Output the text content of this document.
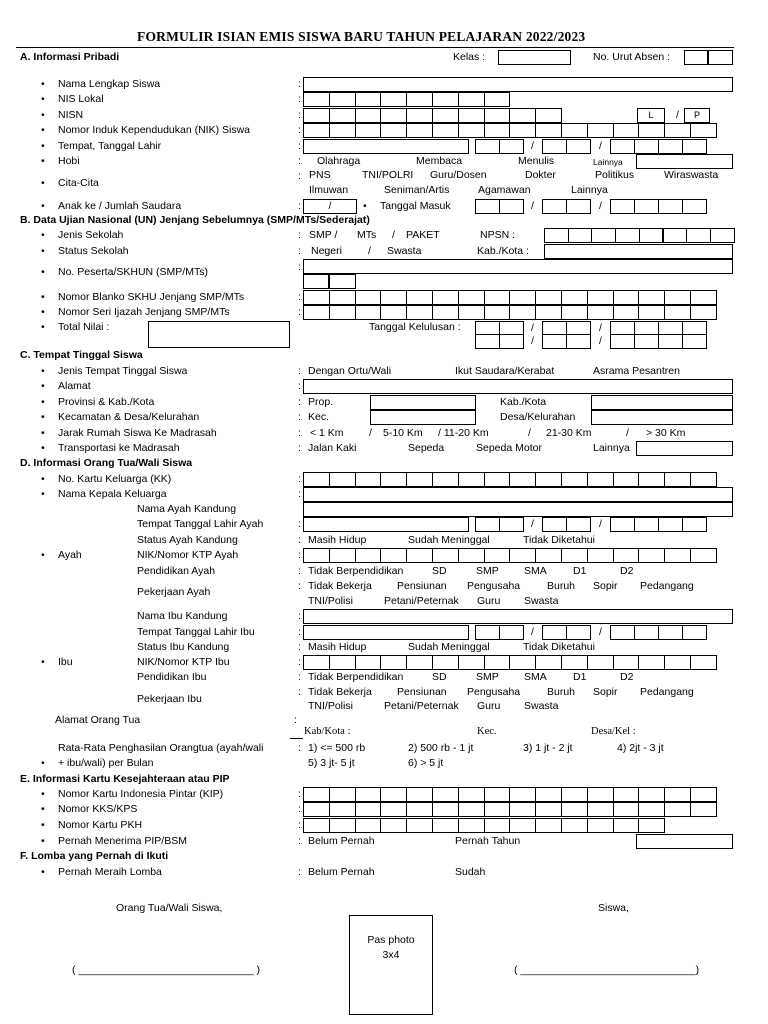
FORMULIR ISIAN EMIS SISWA BARU TAHUN PELAJARAN 2022/2023
A. Informasi Pribadi	Kelas :	No. Urut Absen :
• Nama Lengkap Siswa	:
• NIS Lokal	:
• NISN	:	L	/	P
• Nomor Induk Kependudukan (NIK) Siswa	:
• Tempat, Tanggal Lahir	:	/	/
• Hobi	: Olahraga	Membaca	Menulis	Lainnya
• Cita-Cita
: PNS	TNI/POLRI Guru/Dosen	Dokter	Politikus	Wiraswasta
Ilmuwan	Seniman/Artis	Agamawan	Lainnya
• Anak ke / Jumlah Saudara	:	/
•	Tanggal Masuk	/	/
B. Data Ujian Nasional (UN) Jenjang Sebelumnya (SMP/MTs/Sederajat)
• Jenis Sekolah	: SMP / MTs / PAKET	NPSN :
• Status Sekolah	: Negeri / Swasta	Kab./Kota :
• No. Peserta/SKHUN (SMP/MTs)	:
• Nomor Blanko SKHU Jenjang SMP/MTs	:
• Nomor Seri Ijazah Jenjang SMP/MTs	:
• Total Nilai :	Tanggal Kelulusan :	/	/
/	/
C. Tempat Tinggal Siswa
• Jenis Tempat Tinggal Siswa	: Dengan Ortu/Wali	Ikut Saudara/Kerabat	Asrama Pesantren
• Alamat	:
• Provinsi & Kab./Kota	: Prop.	Kab./Kota
• Kecamatan & Desa/Kelurahan	: Kec.	Desa/Kelurahan
• Jarak Rumah Siswa Ke Madrasah	: < 1 Km / 5-10 Km / 11-20 Km	/ 21-30 Km	/ > 30 Km
• Transportasi ke Madrasah	: Jalan Kaki	Sepeda	Sepeda Motor	Lainnya
D. Informasi Orang Tua/Wali Siswa
• No. Kartu Keluarga (KK)	:
• Nama Kepala Keluarga	:
Nama Ayah Kandung
Tempat Tanggal Lahir Ayah	:	/	/
Status Ayah Kandung	: Masih Hidup	Sudah Meninggal	Tidak Diketahui
• Ayah	NIK/Nomor KTP Ayah	:
Pendidikan Ayah	: Tidak Berpendidikan	SD	SMP SMA D1	D2
Pekerjaan Ayah	: Tidak Bekerja Pensiunan Pengusaha	Buruh Sopir Pedangang
TNI/Polisi	Petani/Peternak Guru Swasta
Nama Ibu Kandung	:
Tempat Tanggal Lahir Ibu	:	/	/
Status Ibu Kandung	: Masih Hidup	Sudah Meninggal	Tidak Diketahui
• Ibu	NIK/Nomor KTP Ibu	:
Pendidikan Ibu	: Tidak Berpendidikan	SD	SMP SMA D1	D2
Pekerjaan Ibu
: Tidak Bekerja Pensiunan Pengusaha	Buruh Sopir Pedangang
TNI/Polisi	Petani/Peternak Guru Swasta
Alamat Orang Tua	:
Kab/Kota :	Kec.	Desa/Kel :
Rata-Rata Penghasilan Orangtua (ayah/wali	: 1) <= 500 rb	2) 500 rb - 1 jt	3) 1 jt - 2 jt	4) 2jt - 3 jt
• + ibu/wali) per Bulan	5) 3 jt- 5 jt	6) > 5 jt
E. Informasi Kartu Kesejahteraan atau PIP
• Nomor Kartu Indonesia Pintar (KIP)	:
• Nomor KKS/KPS	:
• Nomor Kartu PKH	:
• Pernah Menerima PIP/BSM	: Belum Pernah	Pernah Tahun
F. Lomba yang Pernah di Ikuti
• Pernah Meraih Lomba	: Belum Pernah	Sudah
Orang Tua/Wali Siswa,	Siswa,
Pas photo
3x4
( ______________________________ )	( ______________________________)
